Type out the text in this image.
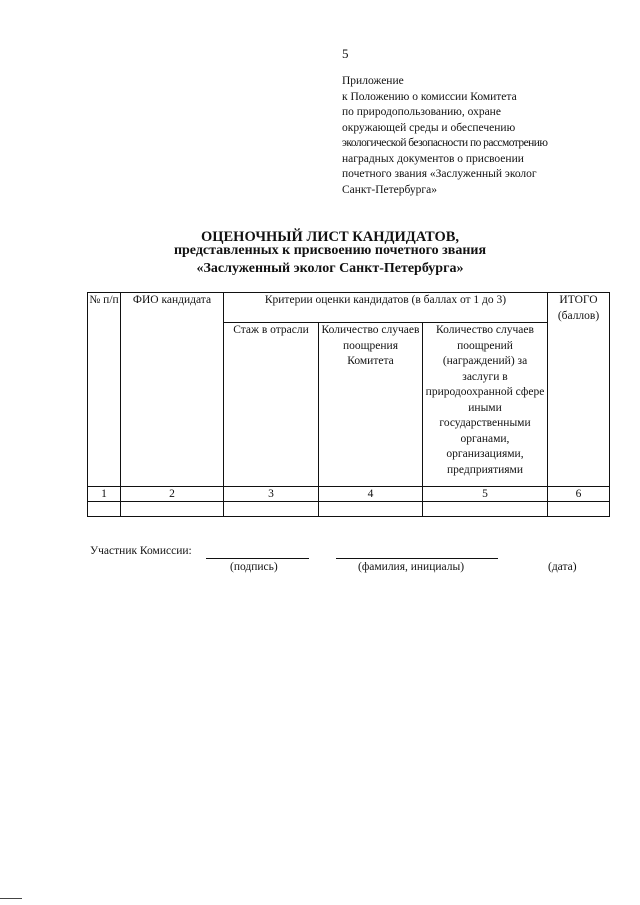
5
Приложение
к Положению о комиссии Комитета
по природопользованию, охране
окружающей среды и обеспечению
экологической безопасности по рассмотрению
наградных документов о присвоении
почетного звания «Заслуженный эколог
Санкт-Петербурга»
ОЦЕНОЧНЫЙ ЛИСТ КАНДИДАТОВ,
представленных к присвоению почетного звания
«Заслуженный эколог Санкт-Петербурга»
№ п/п	ФИО кандидата	Критерии оценки кандидатов (в баллах от 1 до 3)			ИТОГО (баллов)
		Стаж в отрасли	Количество случаев поощрения Комитета	Количество случаев поощрений (награждений) за заслуги в природоохранной сфере иными государственными органами, организациями, предприятиями	
1	2	3	4	5	6

Участник Комиссии:
(подпись)	(фамилия, инициалы)	(дата)
